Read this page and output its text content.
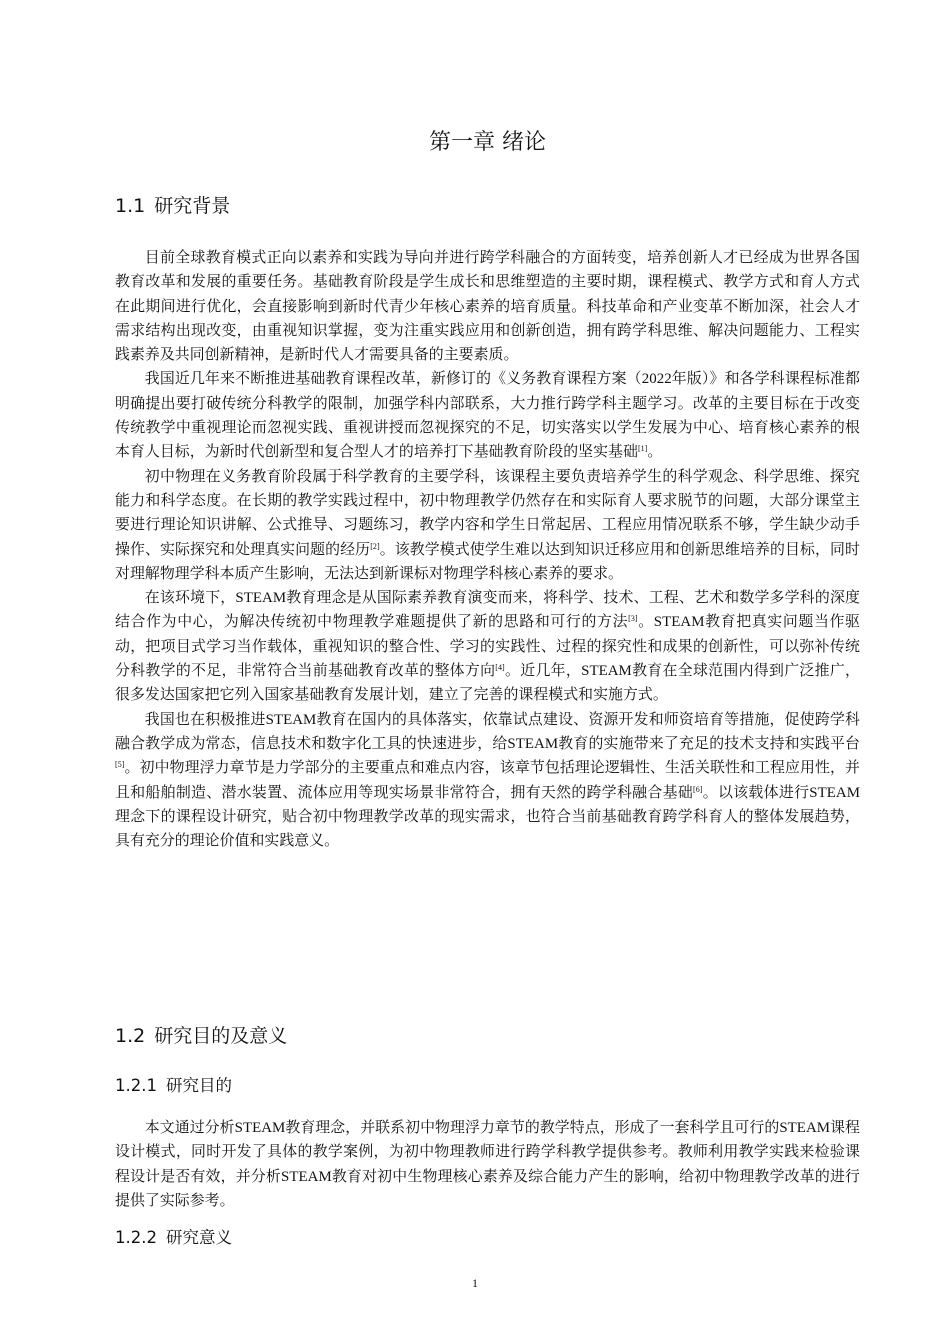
第一章 绪论
1.1 研究背景

目前全球教育模式正向以素养和实践为导向并进行跨学科融合的方面转变，培养创新人才已经成为世界各国教育改革和发展的重要任务。基础教育阶段是学生成长和思维塑造的主要时期，课程模式、教学方式和育人方式在此期间进行优化，会直接影响到新时代青少年核心素养的培育质量。科技革命和产业变革不断加深，社会人才需求结构出现改变，由重视知识掌握，变为注重实践应用和创新创造，拥有跨学科思维、解决问题能力、工程实践素养及共同创新精神，是新时代人才需要具备的主要素质。

我国近几年来不断推进基础教育课程改革，新修订的《义务教育课程方案（2022年版）》和各学科课程标准都明确提出要打破传统分科教学的限制，加强学科内部联系，大力推行跨学科主题学习。改革的主要目标在于改变传统教学中重视理论而忽视实践、重视讲授而忽视探究的不足，切实落实以学生发展为中心、培育核心素养的根本育人目标，为新时代创新型和复合型人才的培养打下基础教育阶段的坚实基础[1]。

初中物理在义务教育阶段属于科学教育的主要学科，该课程主要负责培养学生的科学观念、科学思维、探究能力和科学态度。在长期的教学实践过程中，初中物理教学仍然存在和实际育人要求脱节的问题，大部分课堂主要进行理论知识讲解、公式推导、习题练习，教学内容和学生日常起居、工程应用情况联系不够，学生缺少动手操作、实际探究和处理真实问题的经历[2]。该教学模式使学生难以达到知识迁移应用和创新思维培养的目标，同时对理解物理学科本质产生影响，无法达到新课标对物理学科核心素养的要求。

在该环境下，STEAM教育理念是从国际素养教育演变而来，将科学、技术、工程、艺术和数学多学科的深度结合作为中心，为解决传统初中物理教学难题提供了新的思路和可行的方法[3]。STEAM教育把真实问题当作驱动，把项目式学习当作载体，重视知识的整合性、学习的实践性、过程的探究性和成果的创新性，可以弥补传统分科教学的不足，非常符合当前基础教育改革的整体方向[4]。近几年，STEAM教育在全球范围内得到广泛推广，很多发达国家把它列入国家基础教育发展计划，建立了完善的课程模式和实施方式。

我国也在积极推进STEAM教育在国内的具体落实，依靠试点建设、资源开发和师资培育等措施，促使跨学科融合教学成为常态，信息技术和数字化工具的快速进步，给STEAM教育的实施带来了充足的技术支持和实践平台[5]。初中物理浮力章节是力学部分的主要重点和难点内容，该章节包括理论逻辑性、生活关联性和工程应用性，并且和船舶制造、潜水装置、流体应用等现实场景非常符合，拥有天然的跨学科融合基础[6]。以该载体进行STEAM理念下的课程设计研究，贴合初中物理教学改革的现实需求，也符合当前基础教育跨学科育人的整体发展趋势，具有充分的理论价值和实践意义。

1.2 研究目的及意义
1.2.1 研究目的

本文通过分析STEAM教育理念，并联系初中物理浮力章节的教学特点，形成了一套科学且可行的STEAM课程设计模式，同时开发了具体的教学案例，为初中物理教师进行跨学科教学提供参考。教师利用教学实践来检验课程设计是否有效，并分析STEAM教育对初中生物理核心素养及综合能力产生的影响，给初中物理教学改革的进行提供了实际参考。

1.2.2 研究意义
1
